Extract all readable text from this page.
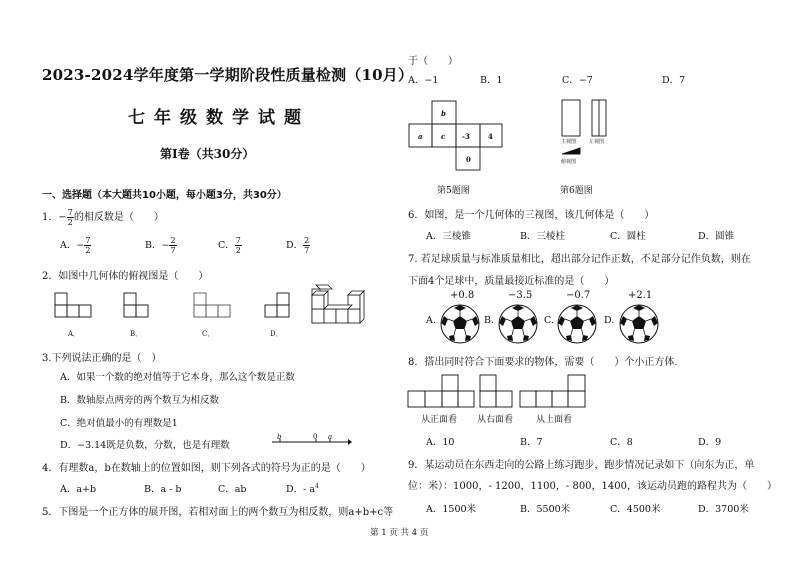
2023-2024学年度第一学期阶段性质量检测（10月）
七年级数学试题
第Ⅰ卷（共30分）
一、选择题（本大题共10小题，每小题3分，共30分）
1．− $\frac{7}{2}$ 的相反数是（　　）
A．− $\frac{7}{2}$	B．− $\frac{2}{7}$	C． $\frac{7}{2}$	D． $\frac{2}{7}$
2．如图中几何体的俯视图是（　　）
A．	B．	C．	D．
3.下列说法正确的是（　）
A．如果一个数的绝对值等于它本身，那么这个数是正数
B．数轴原点两旁的两个数互为相反数
C．绝对值最小的有理数是1
D．−3.14既是负数，分数，也是有理数
b	0 a
4．有理数a，b在数轴上的位置如图，则下列各式的符号为正的是（　　）
A．a+b	B．a - b	C．ab	D．- $a^4$
5．下图是一个正方体的展开图，若相对面上的两个数互为相反数，则a+b+c等
于（　　）
A．−1	B．1	C．−7	D．7
b
a	c -3	4
0
第5题图
主视图	左视图
俯视图
第6题图
6．如图，是一个几何体的三视图，该几何体是（　　）
A．三棱锥	B．三棱柱	C．圆柱	D．圆锥
7. 若足球质量与标准质量相比，超出部分记作正数，不足部分记作负数，则在
下面4个足球中，质量最接近标准的是（　　）
+0.8
A.
−3.5
B.
−0.7
C.
+2.1
D.
8．搭出同时符合下面要求的物体，需要（　　）个小正方体.
从正面看 从右面看	从上面看
A．10	B．7	C．8	D．9
9．某运动员在东西走向的公路上练习跑步，跑步情况记录如下（向东为正，单
位：米）：1000，- 1200，1100，- 800，1400，该运动员跑的路程共为（　　）
A．1500米	B．5500米	C．4500米	D．3700米
第 1 页 共 4 页
